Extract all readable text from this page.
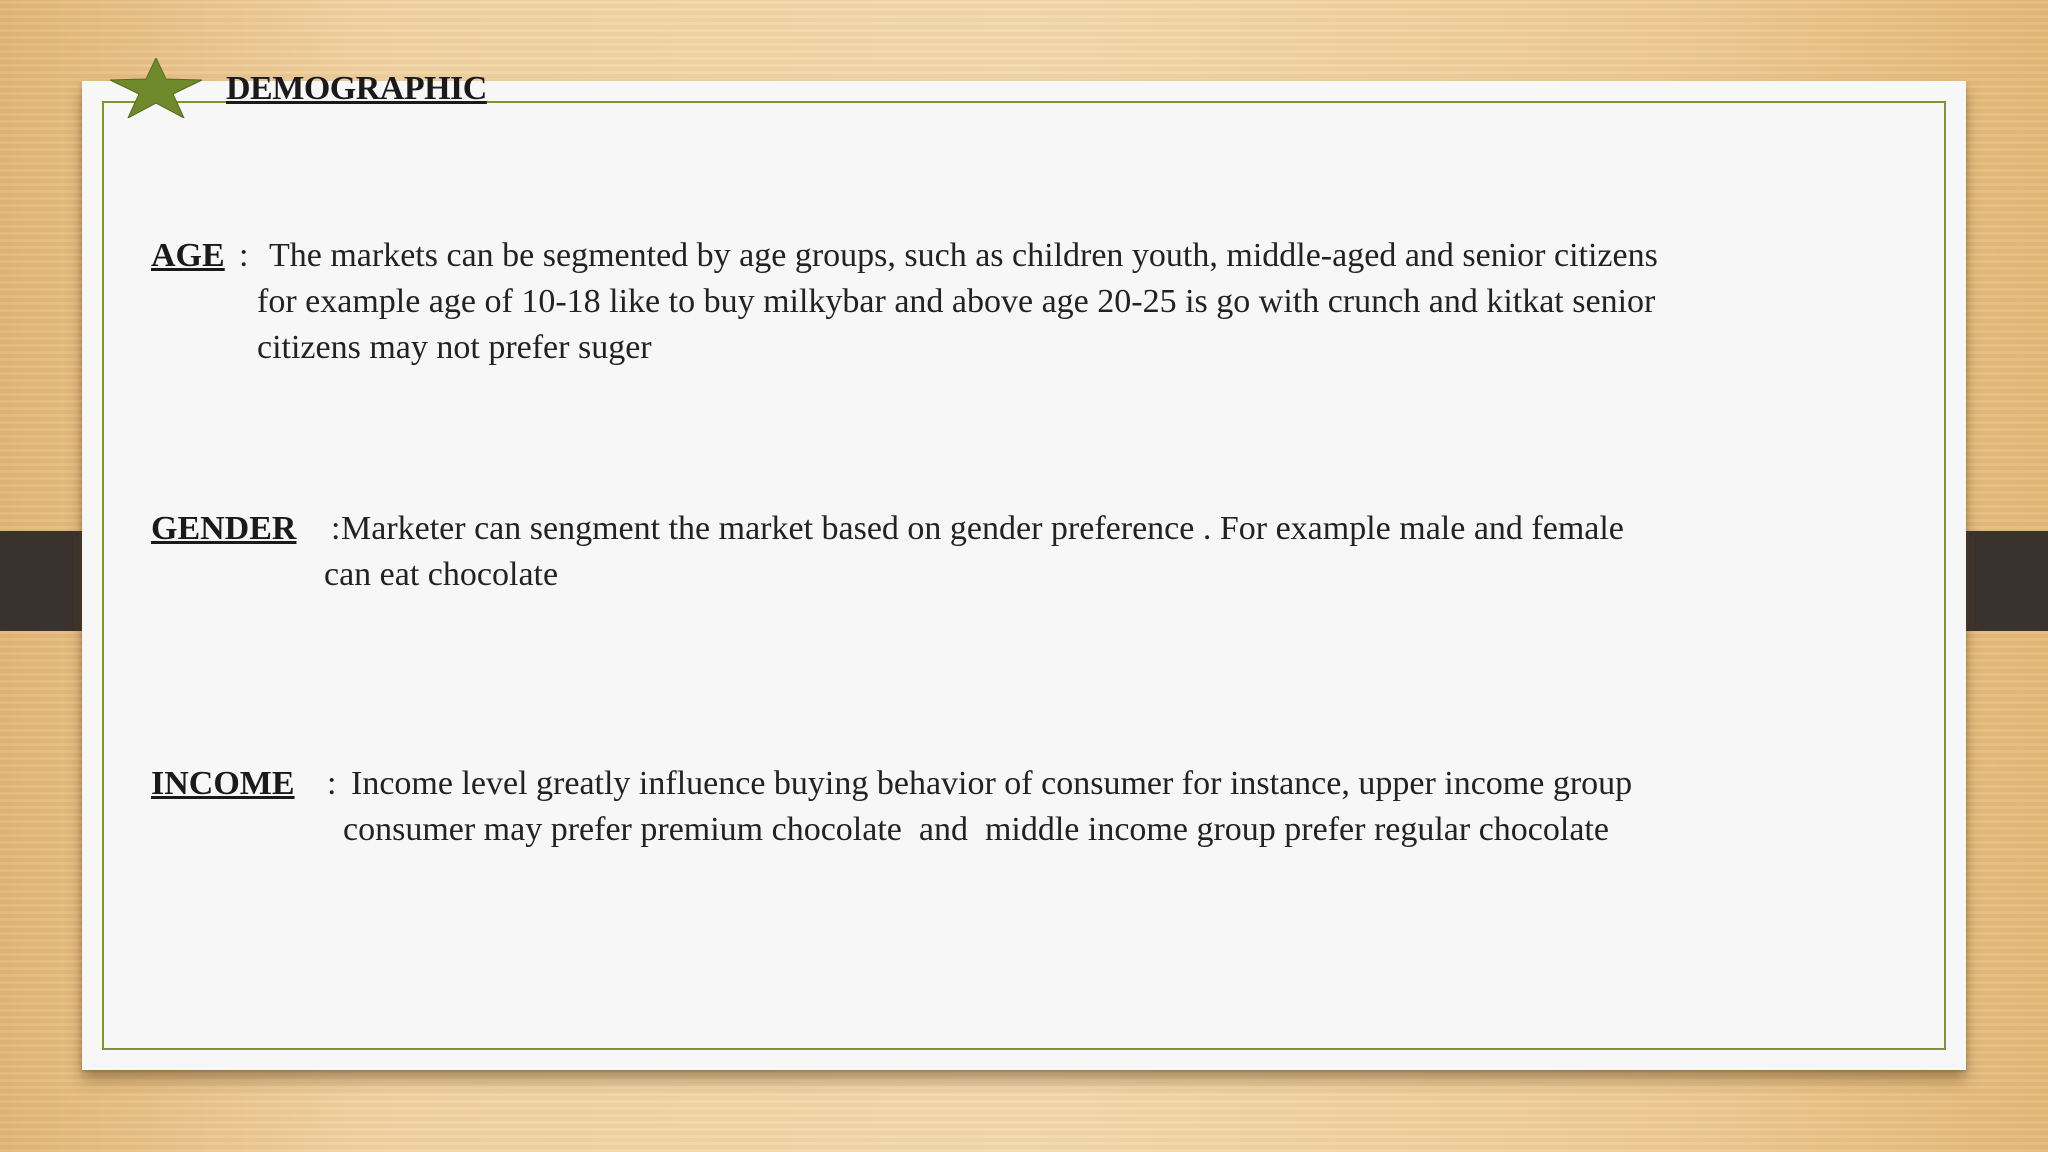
DEMOGRAPHIC
AGE : The markets can be segmented by age groups, such as children youth, middle-aged and senior citizens
for example age of 10-18 like to buy milkybar and above age 20-25 is go with crunch and kitkat senior
citizens may not prefer suger
GENDER : Marketer can sengment the market based on gender preference . For example male and female
can eat chocolate
INCOME : Income level greatly influence buying behavior of consumer for instance, upper income group
consumer may prefer premium chocolate  and  middle income group prefer regular chocolate
